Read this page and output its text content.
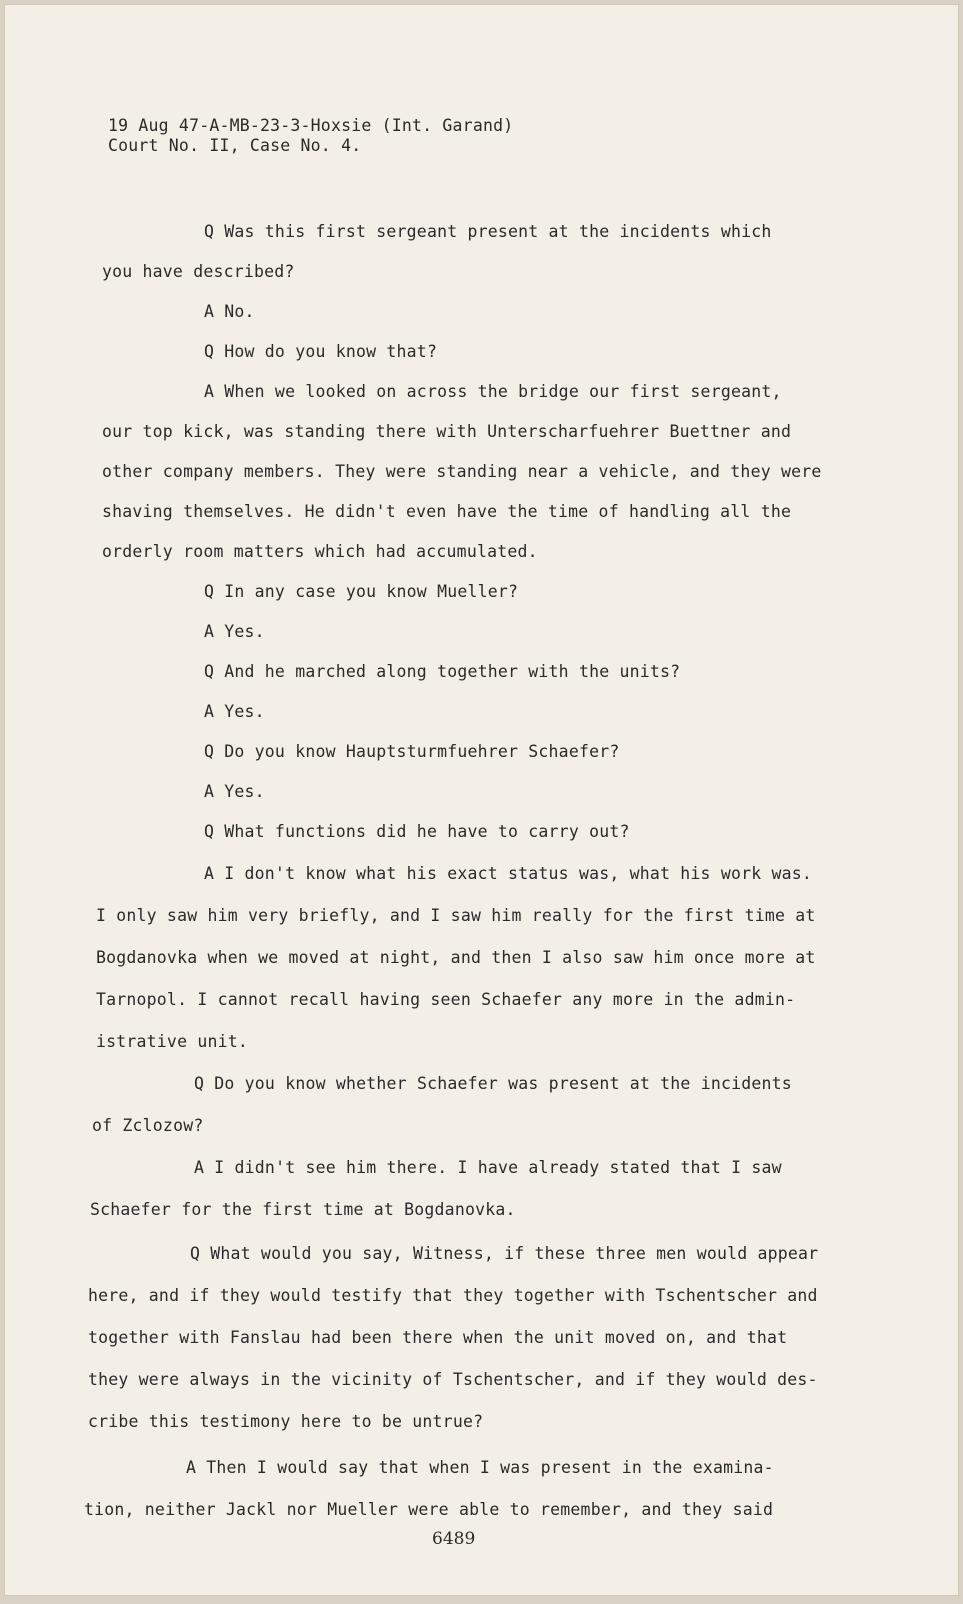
19 Aug 47-A-MB-23-3-Hoxsie (Int. Garand)
Court No. II, Case No. 4.
Q Was this first sergeant present at the incidents which
you have described?
A No.
Q How do you know that?
A When we looked on across the bridge our first sergeant,
our top kick, was standing there with Unterscharfuehrer Buettner and
other company members. They were standing near a vehicle, and they were
shaving themselves. He didn't even have the time of handling all the
orderly room matters which had accumulated.
Q In any case you know Mueller?
A Yes.
Q And he marched along together with the units?
A Yes.
Q Do you know Hauptsturmfuehrer Schaefer?
A Yes.
Q What functions did he have to carry out?
A I don't know what his exact status was, what his work was.
I only saw him very briefly, and I saw him really for the first time at
Bogdanovka when we moved at night, and then I also saw him once more at
Tarnopol. I cannot recall having seen Schaefer any more in the admin-
istrative unit.
Q Do you know whether Schaefer was present at the incidents
of Zclozow?
A I didn't see him there. I have already stated that I saw
Schaefer for the first time at Bogdanovka.
Q What would you say, Witness, if these three men would appear
here, and if they would testify that they together with Tschentscher and
together with Fanslau had been there when the unit moved on, and that
they were always in the vicinity of Tschentscher, and if they would des-
cribe this testimony here to be untrue?
A Then I would say that when I was present in the examina-
tion, neither Jackl nor Mueller were able to remember, and they said
6489
